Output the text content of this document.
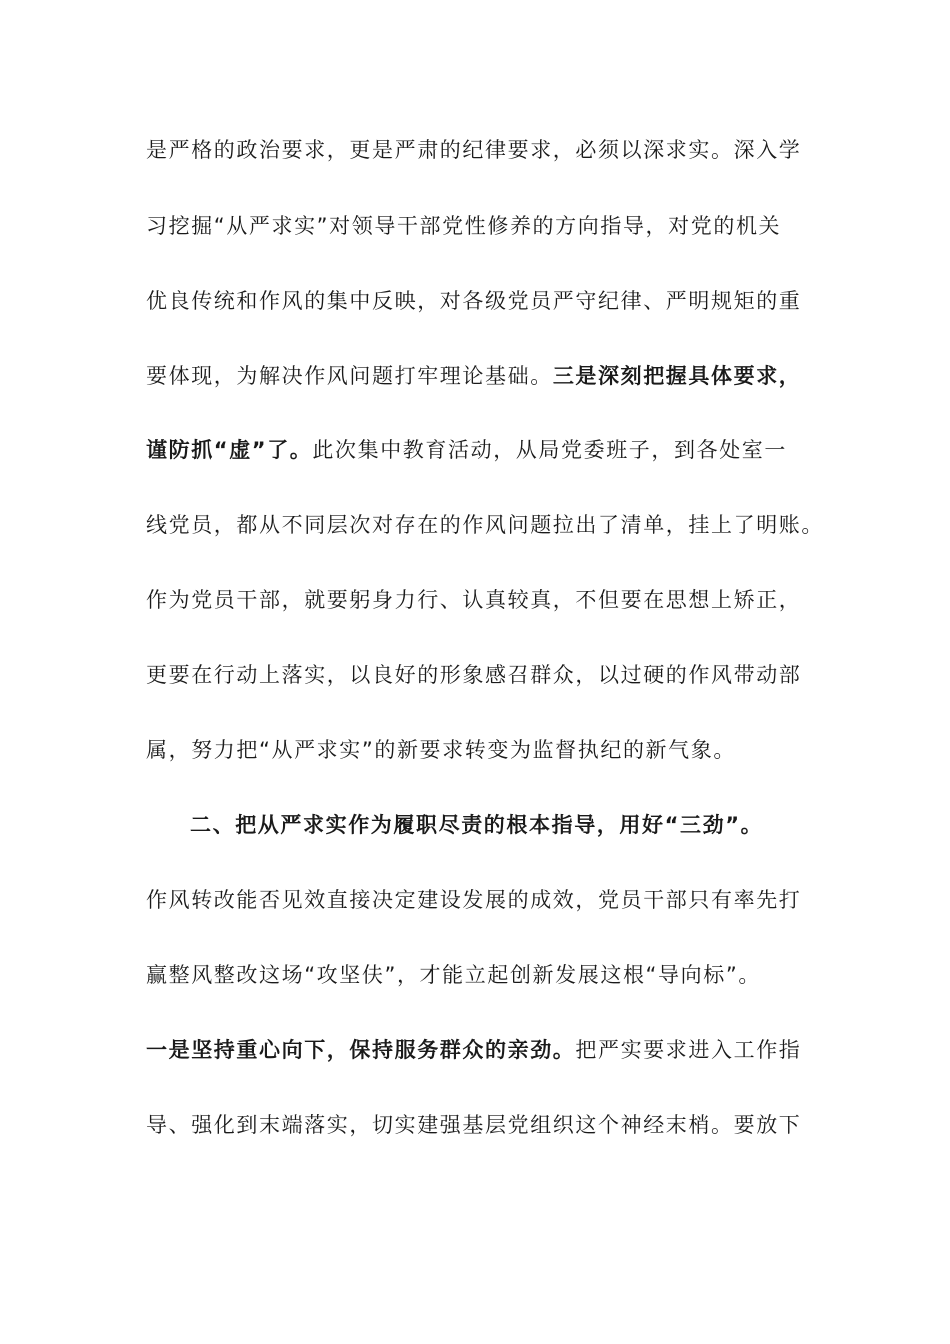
是严格的政治要求，更是严肃的纪律要求，必须以深求实。深入学
习挖掘“从严求实”对领导干部党性修养的方向指导，对党的机关
优良传统和作风的集中反映，对各级党员严守纪律、严明规矩的重
要体现，为解决作风问题打牢理论基础。三是深刻把握具体要求，
谨防抓“虚”了。此次集中教育活动，从局党委班子，到各处室一
线党员，都从不同层次对存在的作风问题拉出了清单，挂上了明账。
作为党员干部，就要躬身力行、认真较真，不但要在思想上矫正，
更要在行动上落实，以良好的形象感召群众，以过硬的作风带动部
属，努力把“从严求实”的新要求转变为监督执纪的新气象。
二、把从严求实作为履职尽责的根本指导，用好“三劲”。
作风转改能否见效直接决定建设发展的成效，党员干部只有率先打
赢整风整改这场“攻坚伕”，才能立起创新发展这根“导向标”。
一是坚持重心向下，保持服务群众的亲劲。把严实要求进入工作指
导、强化到末端落实，切实建强基层党组织这个神经末梢。要放下
